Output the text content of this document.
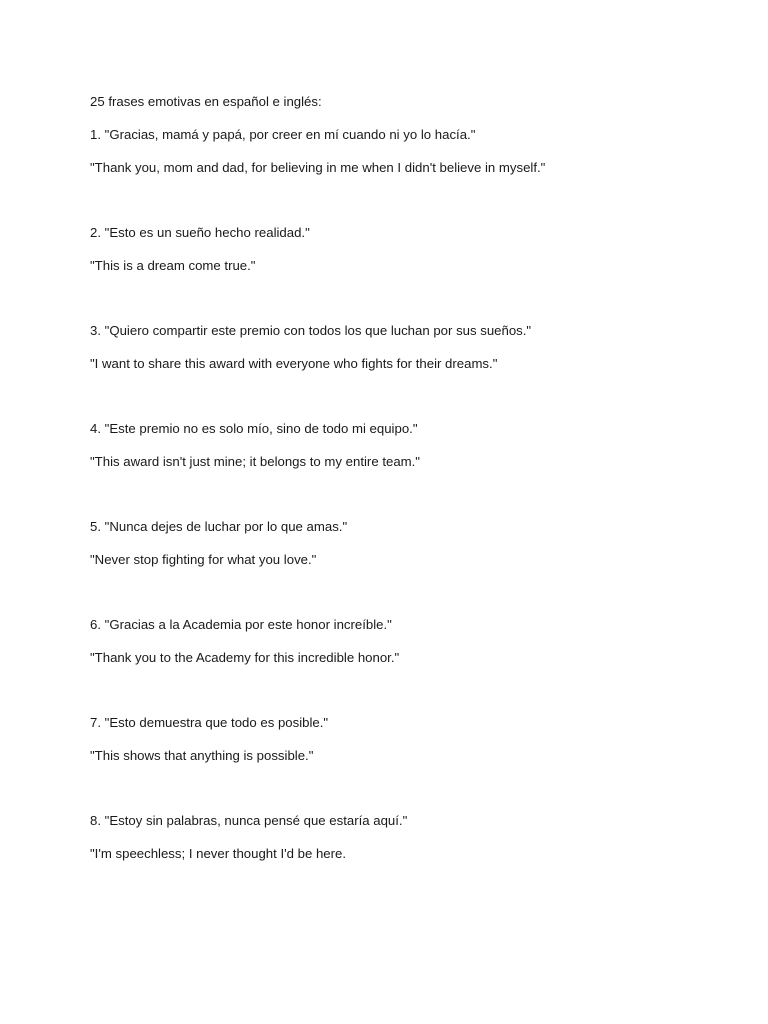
25 frases emotivas en español e inglés:

1. "Gracias, mamá y papá, por creer en mí cuando ni yo lo hacía."

"Thank you, mom and dad, for believing in me when I didn't believe in myself."

2. "Esto es un sueño hecho realidad."

"This is a dream come true."

3. "Quiero compartir este premio con todos los que luchan por sus sueños."

"I want to share this award with everyone who fights for their dreams."

4. "Este premio no es solo mío, sino de todo mi equipo."

"This award isn't just mine; it belongs to my entire team."

5. "Nunca dejes de luchar por lo que amas."

"Never stop fighting for what you love."

6. "Gracias a la Academia por este honor increíble."

"Thank you to the Academy for this incredible honor."

7. "Esto demuestra que todo es posible."

"This shows that anything is possible."

8. "Estoy sin palabras, nunca pensé que estaría aquí."

"I'm speechless; I never thought I'd be here.
